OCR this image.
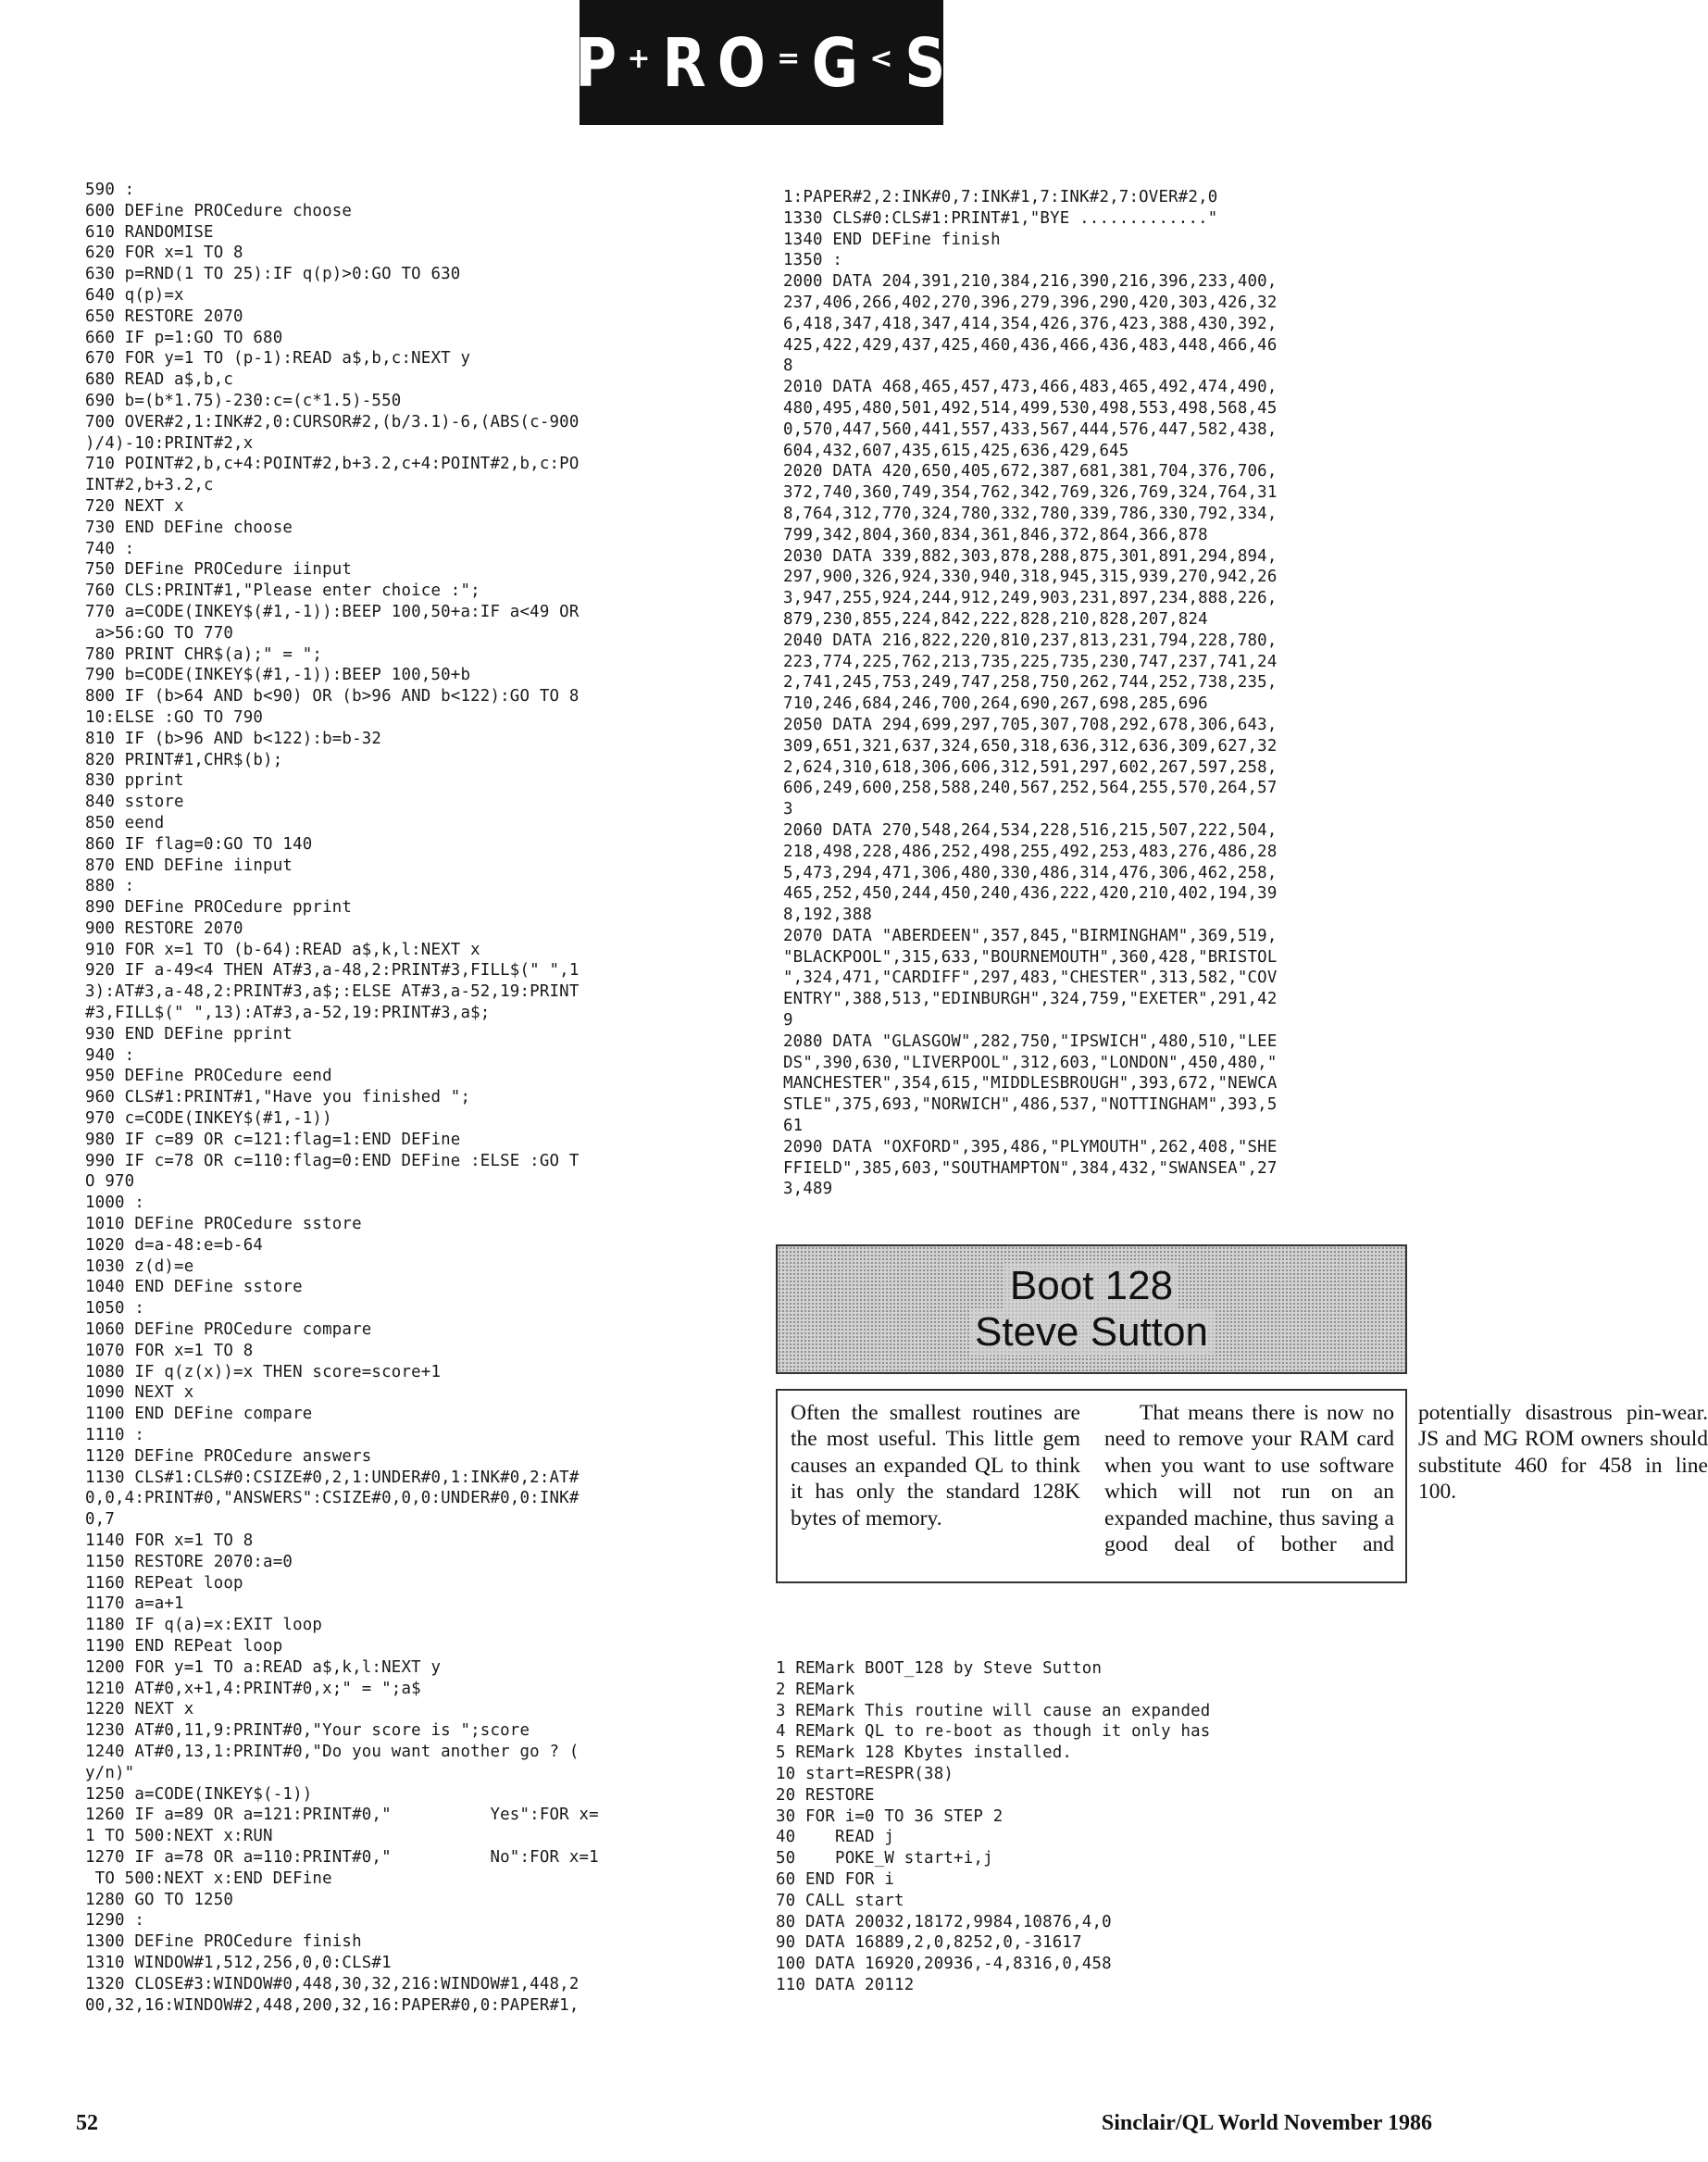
P + R O = G < S
590 :
600 DEFine PROCedure choose
610 RANDOMISE
620 FOR x=1 TO 8
630 p=RND(1 TO 25):IF q(p)>0:GO TO 630
640 q(p)=x
650 RESTORE 2070
660 IF p=1:GO TO 680
670 FOR y=1 TO (p-1):READ a$,b,c:NEXT y
680 READ a$,b,c
690 b=(b*1.75)-230:c=(c*1.5)-550
700 OVER#2,1:INK#2,0:CURSOR#2,(b/3.1)-6,(ABS(c-900
)/4)-10:PRINT#2,x
710 POINT#2,b,c+4:POINT#2,b+3.2,c+4:POINT#2,b,c:PO
INT#2,b+3.2,c
720 NEXT x
730 END DEFine choose
740 :
750 DEFine PROCedure iinput
760 CLS:PRINT#1,"Please enter choice :";
770 a=CODE(INKEY$(#1,-1)):BEEP 100,50+a:IF a<49 OR
a>56:GO TO 770
780 PRINT CHR$(a);" = ";
790 b=CODE(INKEY$(#1,-1)):BEEP 100,50+b
800 IF (b>64 AND b<90) OR (b>96 AND b<122):GO TO 8
10:ELSE :GO TO 790
810 IF (b>96 AND b<122):b=b-32
820 PRINT#1,CHR$(b);
830 pprint
840 sstore
850 eend
860 IF flag=0:GO TO 140
870 END DEFine iinput
880 :
890 DEFine PROCedure pprint
900 RESTORE 2070
910 FOR x=1 TO (b-64):READ a$,k,l:NEXT x
920 IF a-49<4 THEN AT#3,a-48,2:PRINT#3,FILL$(" ",1
3):AT#3,a-48,2:PRINT#3,a$;:ELSE AT#3,a-52,19:PRINT
#3,FILL$(" ",13):AT#3,a-52,19:PRINT#3,a$;
930 END DEFine pprint
940 :
950 DEFine PROCedure eend
960 CLS#1:PRINT#1,"Have you finished ";
970 c=CODE(INKEY$(#1,-1))
980 IF c=89 OR c=121:flag=1:END DEFine
990 IF c=78 OR c=110:flag=0:END DEFine :ELSE :GO T
O 970
1000 :
1010 DEFine PROCedure sstore
1020 d=a-48:e=b-64
1030 z(d)=e
1040 END DEFine sstore
1050 :
1060 DEFine PROCedure compare
1070 FOR x=1 TO 8
1080 IF q(z(x))=x THEN score=score+1
1090 NEXT x
1100 END DEFine compare
1110 :
1120 DEFine PROCedure answers
1130 CLS#1:CLS#0:CSIZE#0,2,1:UNDER#0,1:INK#0,2:AT#
0,0,4:PRINT#0,"ANSWERS":CSIZE#0,0,0:UNDER#0,0:INK#
0,7
1140 FOR x=1 TO 8
1150 RESTORE 2070:a=0
1160 REPeat loop
1170 a=a+1
1180 IF q(a)=x:EXIT loop
1190 END REPeat loop
1200 FOR y=1 TO a:READ a$,k,l:NEXT y
1210 AT#0,x+1,4:PRINT#0,x;" = ";a$
1220 NEXT x
1230 AT#0,11,9:PRINT#0,"Your score is ";score
1240 AT#0,13,1:PRINT#0,"Do you want another go ? (
y/n)"
1250 a=CODE(INKEY$(-1))
1260 IF a=89 OR a=121:PRINT#0,"          Yes":FOR x=
1 TO 500:NEXT x:RUN
1270 IF a=78 OR a=110:PRINT#0,"          No":FOR x=1
TO 500:NEXT x:END DEFine
1280 GO TO 1250
1290 :
1300 DEFine PROCedure finish
1310 WINDOW#1,512,256,0,0:CLS#1
1320 CLOSE#3:WINDOW#0,448,30,32,216:WINDOW#1,448,2
00,32,16:WINDOW#2,448,200,32,16:PAPER#0,0:PAPER#1,
1:PAPER#2,2:INK#0,7:INK#1,7:INK#2,7:OVER#2,0
1330 CLS#0:CLS#1:PRINT#1,"BYE ............."
1340 END DEFine finish
1350 :
2000 DATA 204,391,210,384,216,390,216,396,233,400,
237,406,266,402,270,396,279,396,290,420,303,426,32
6,418,347,418,347,414,354,426,376,423,388,430,392,
425,422,429,437,425,460,436,466,436,483,448,466,46
8
2010 DATA 468,465,457,473,466,483,465,492,474,490,
480,495,480,501,492,514,499,530,498,553,498,568,45
0,570,447,560,441,557,433,567,444,576,447,582,438,
604,432,607,435,615,425,636,429,645
2020 DATA 420,650,405,672,387,681,381,704,376,706,
372,740,360,749,354,762,342,769,326,769,324,764,31
8,764,312,770,324,780,332,780,339,786,330,792,334,
799,342,804,360,834,361,846,372,864,366,878
2030 DATA 339,882,303,878,288,875,301,891,294,894,
297,900,326,924,330,940,318,945,315,939,270,942,26
3,947,255,924,244,912,249,903,231,897,234,888,226,
879,230,855,224,842,222,828,210,828,207,824
2040 DATA 216,822,220,810,237,813,231,794,228,780,
223,774,225,762,213,735,225,735,230,747,237,741,24
2,741,245,753,249,747,258,750,262,744,252,738,235,
710,246,684,246,700,264,690,267,698,285,696
2050 DATA 294,699,297,705,307,708,292,678,306,643,
309,651,321,637,324,650,318,636,312,636,309,627,32
2,624,310,618,306,606,312,591,297,602,267,597,258,
606,249,600,258,588,240,567,252,564,255,570,264,57
3
2060 DATA 270,548,264,534,228,516,215,507,222,504,
218,498,228,486,252,498,255,492,253,483,276,486,28
5,473,294,471,306,480,330,486,314,476,306,462,258,
465,252,450,244,450,240,436,222,420,210,402,194,39
8,192,388
2070 DATA "ABERDEEN",357,845,"BIRMINGHAM",369,519,
"BLACKPOOL",315,633,"BOURNEMOUTH",360,428,"BRISTOL
",324,471,"CARDIFF",297,483,"CHESTER",313,582,"COV
ENTRY",388,513,"EDINBURGH",324,759,"EXETER",291,42
9
2080 DATA "GLASGOW",282,750,"IPSWICH",480,510,"LEE
DS",390,630,"LIVERPOOL",312,603,"LONDON",450,480,"
MANCHESTER",354,615,"MIDDLESBROUGH",393,672,"NEWCA
STLE",375,693,"NORWICH",486,537,"NOTTINGHAM",393,5
61
2090 DATA "OXFORD",395,486,"PLYMOUTH",262,408,"SHE
FFIELD",385,603,"SOUTHAMPTON",384,432,"SWANSEA",27
3,489
Boot 128
Steve Sutton

Often the smallest routines are the most useful. This little gem causes an expanded QL to think it has only the standard 128K bytes of memory.

That means there is now no need to remove your RAM card when you want to use software which will not run on an expanded machine, thus saving a good deal of bother and potentially disastrous pin-wear. JS and MG ROM owners should substitute 460 for 458 in line 100.

1 REMark BOOT_128 by Steve Sutton
2 REMark
3 REMark This routine will cause an expanded
4 REMark QL to re-boot as though it only has
5 REMark 128 Kbytes installed.
10 start=RESPR(38)
20 RESTORE
30 FOR i=0 TO 36 STEP 2
40    READ j
50    POKE_W start+i,j
60 END FOR i
70 CALL start
80 DATA 20032,18172,9984,10876,4,0
90 DATA 16889,2,0,8252,0,-31617
100 DATA 16920,20936,-4,8316,0,458
110 DATA 20112
52	Sinclair/QL World November 1986
